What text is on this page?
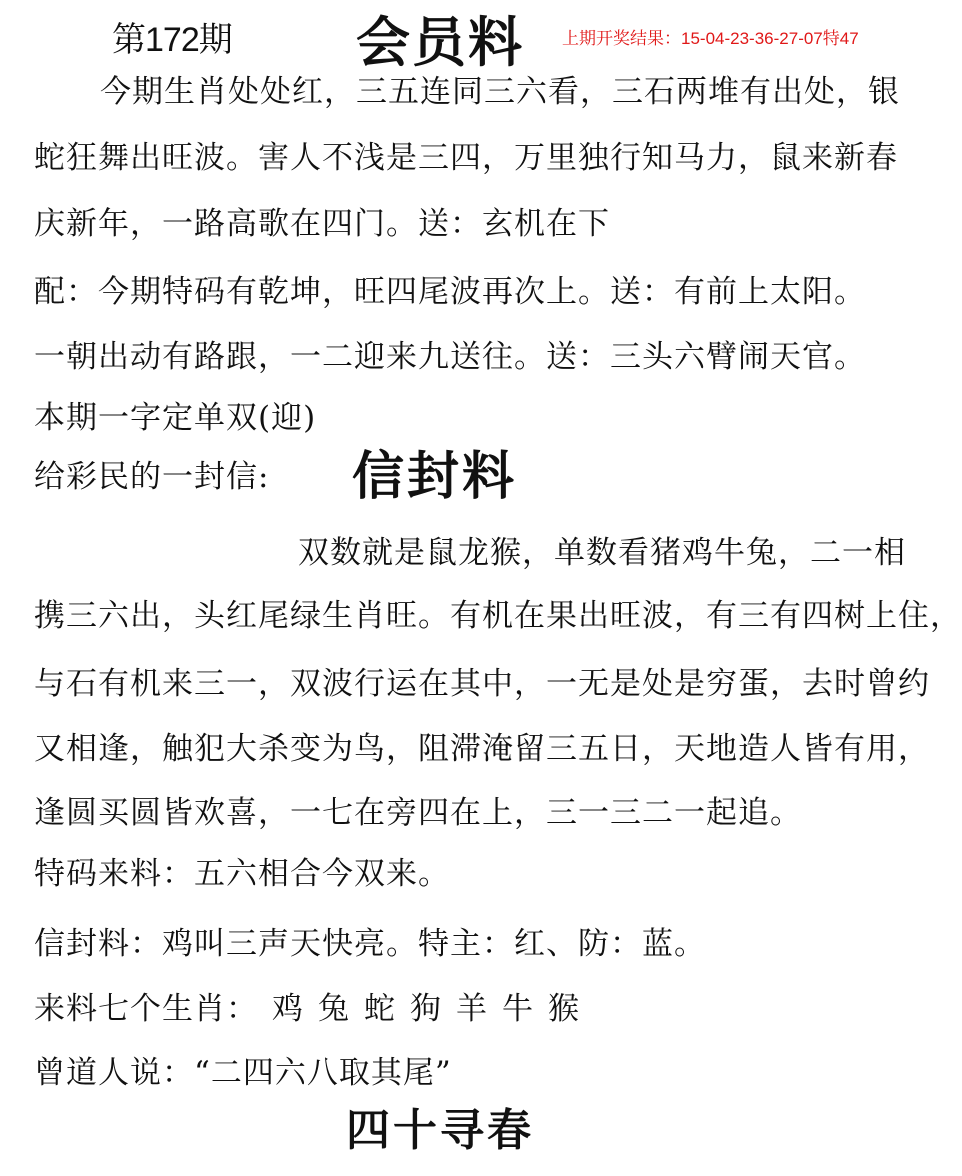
第172期 会员料 上期开奖结果：15-04-23-36-27-07特47
今期生肖处处红，三五连同三六看，三石两堆有出处，银
蛇狂舞出旺波。害人不浅是三四，万里独行知马力，鼠来新春
庆新年，一路高歌在四门。送：玄机在下
配：今期特码有乾坤，旺四尾波再次上。送：有前上太阳。
一朝出动有路跟，一二迎来九送往。送：三头六臂闹天官。
本期一字定单双(迎)
给彩民的一封信: 信封料
双数就是鼠龙猴，单数看猪鸡牛兔，二一相
携三六出，头红尾绿生肖旺。有机在果出旺波，有三有四树上住，
与石有机来三一，双波行运在其中，一无是处是穷蛋，去时曾约
又相逢，触犯大杀变为鸟，阻滞淹留三五日，天地造人皆有用，
逢圆买圆皆欢喜，一七在旁四在上，三一三二一起追。
特码来料：五六相合今双来。
信封料：鸡叫三声天快亮。特主：红、防：蓝。
来料七个生肖： 鸡 兔 蛇 狗 羊 牛 猴
曾道人说：“二四六八取其尾”
四十寻春
